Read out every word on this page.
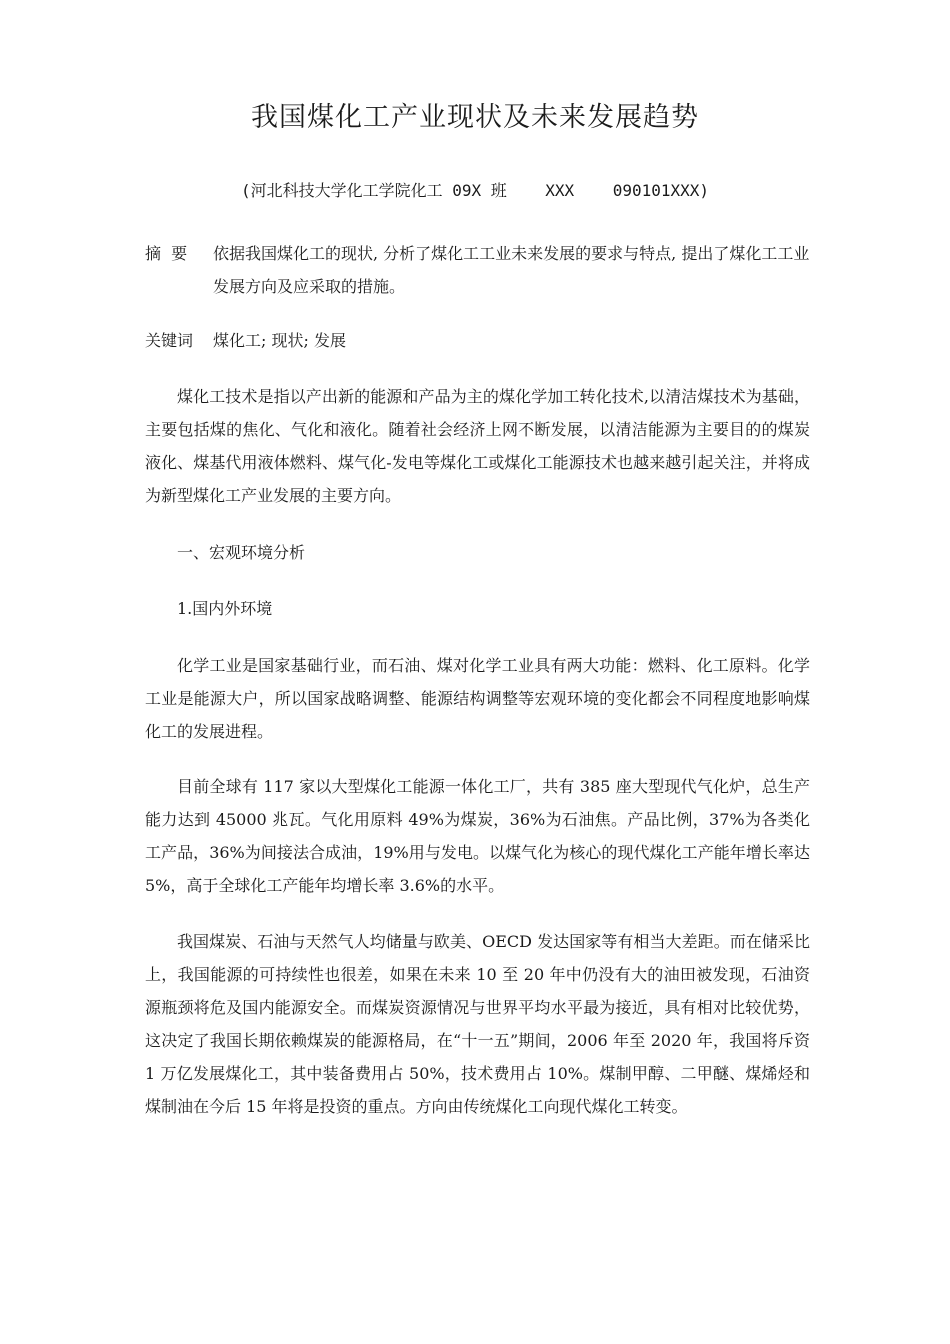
我国煤化工产业现状及未来发展趋势
(河北科技大学化工学院化工 09X 班    XXX    090101XXX)
摘  要	依据我国煤化工的现状, 分析了煤化工工业未来发展的要求与特点, 提出了煤化工工业发展方向及应采取的措施。
关键词	煤化工; 现状; 发展
煤化工技术是指以产出新的能源和产品为主的煤化学加工转化技术,以清洁煤技术为基础，主要包括煤的焦化、气化和液化。随着社会经济上网不断发展，以清洁能源为主要目的的煤炭液化、煤基代用液体燃料、煤气化-发电等煤化工或煤化工能源技术也越来越引起关注，并将成为新型煤化工产业发展的主要方向。
一、宏观环境分析
1.国内外环境
化学工业是国家基础行业，而石油、煤对化学工业具有两大功能：燃料、化工原料。化学工业是能源大户，所以国家战略调整、能源结构调整等宏观环境的变化都会不同程度地影响煤化工的发展进程。
目前全球有 117 家以大型煤化工能源一体化工厂，共有 385 座大型现代气化炉，总生产能力达到 45000 兆瓦。气化用原料 49%为煤炭，36%为石油焦。产品比例，37%为各类化工产品，36%为间接法合成油，19%用与发电。以煤气化为核心的现代煤化工产能年增长率达 5%，高于全球化工产能年均增长率 3.6%的水平。
我国煤炭、石油与天然气人均储量与欧美、OECD 发达国家等有相当大差距。而在储采比上，我国能源的可持续性也很差，如果在未来 10 至 20 年中仍没有大的油田被发现，石油资源瓶颈将危及国内能源安全。而煤炭资源情况与世界平均水平最为接近，具有相对比较优势，这决定了我国长期依赖煤炭的能源格局，在“十一五”期间，2006 年至 2020 年，我国将斥资 1 万亿发展煤化工，其中装备费用占 50%，技术费用占 10%。煤制甲醇、二甲醚、煤烯烃和煤制油在今后 15 年将是投资的重点。方向由传统煤化工向现代煤化工转变。
